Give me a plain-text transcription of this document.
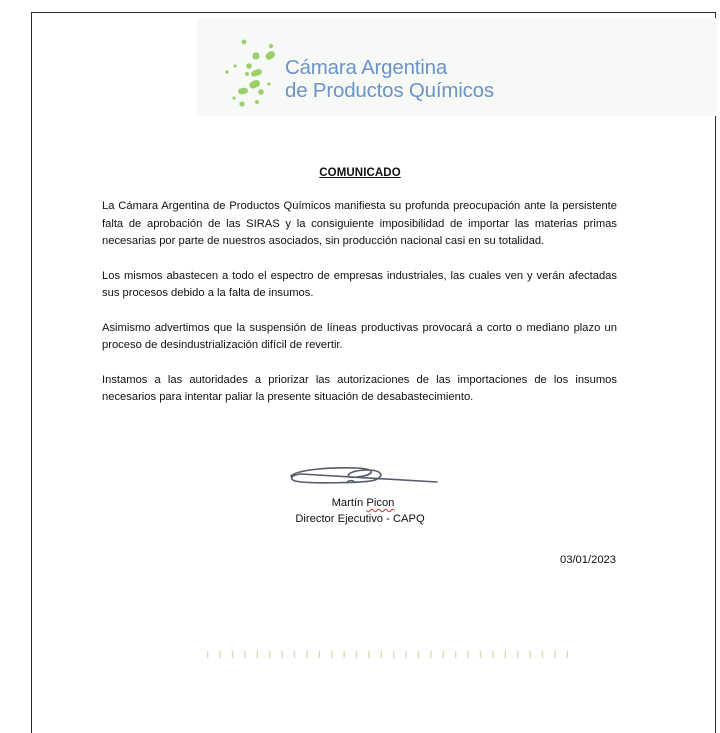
Cámara Argentina
de Productos Químicos
COMUNICADO

La Cámara Argentina de Productos Químicos manifiesta su profunda preocupación ante la persistente falta de aprobación de las SIRAS y la consiguiente imposibilidad de importar las materias primas necesarias por parte de nuestros asociados, sin producción nacional casi en su totalidad.

Los mismos abastecen a todo el espectro de empresas industriales, las cuales ven y verán afectadas sus procesos debido a la falta de insumos.

Asimismo advertimos que la suspensión de líneas productivas provocará a corto o mediano plazo un proceso de desindustrialización difícil de revertir.

Instamos a las autoridades a priorizar las autorizaciones de las importaciones de los insumos necesarios para intentar paliar la presente situación de desabastecimiento.

Martín Picon
Director Ejecutivo - CAPQ
03/01/2023
